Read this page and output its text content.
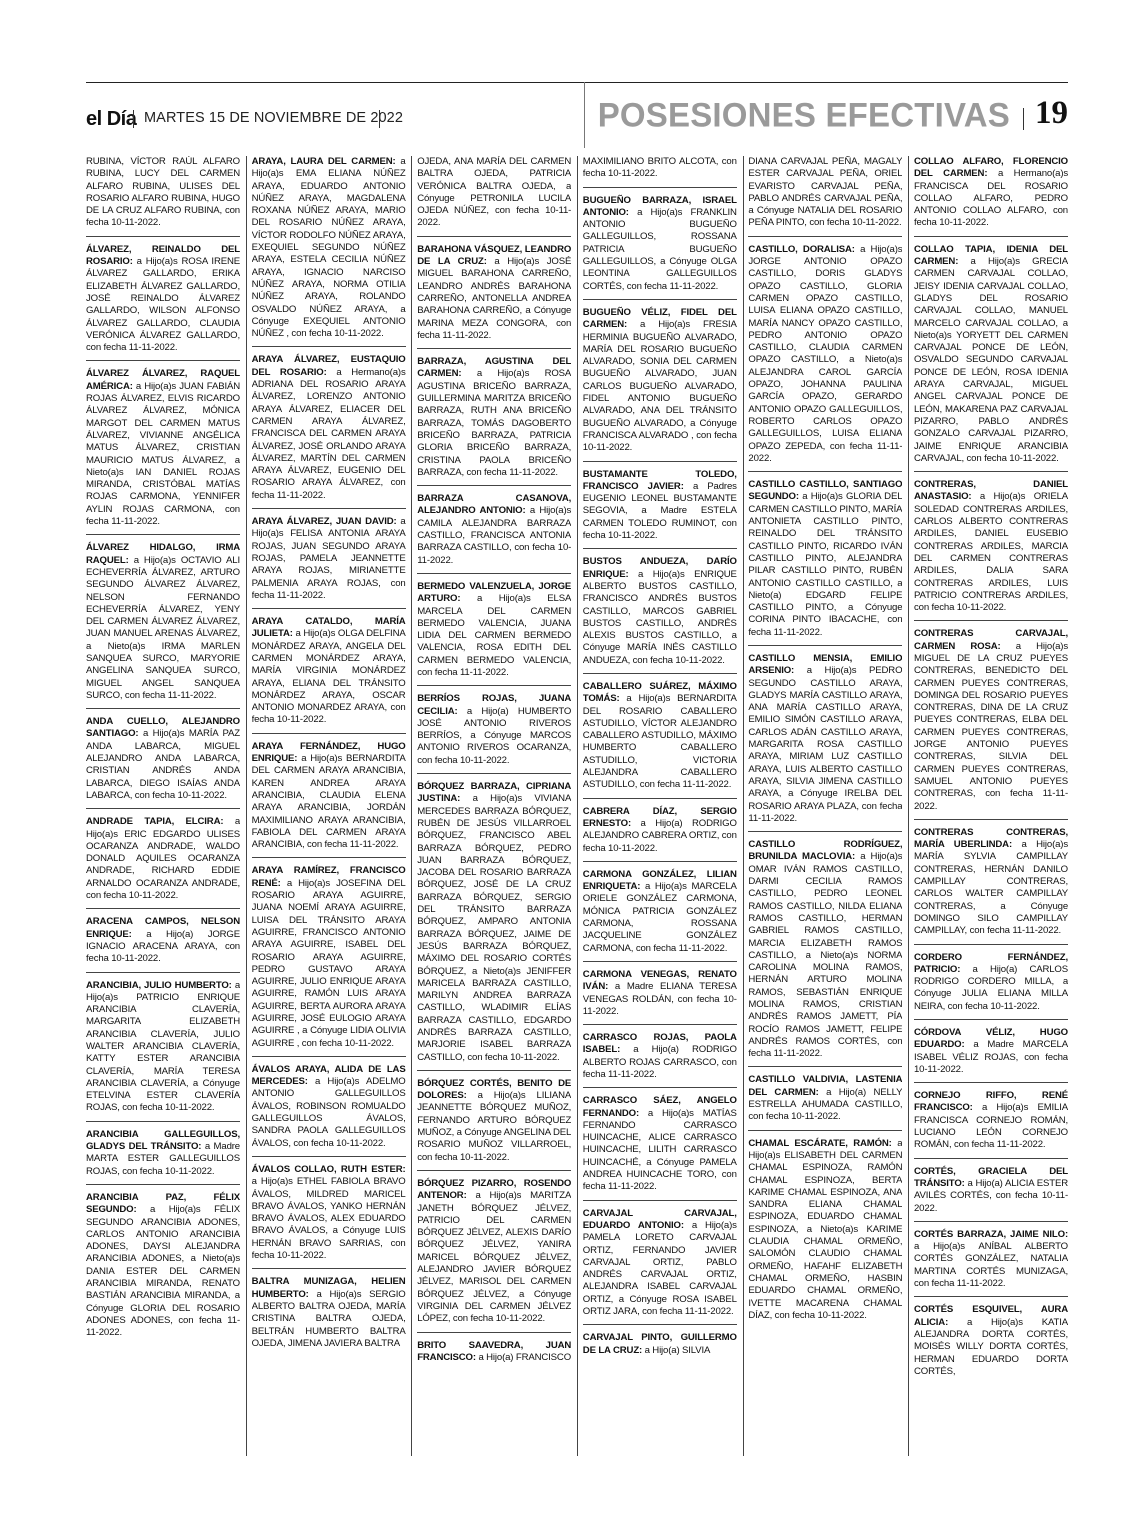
el Día MARTES 15 DE NOVIEMBRE DE 2022	POSESIONES EFECTIVAS 19
RUBINA, VÍCTOR RAÚL ALFARO RUBINA, LUCY DEL CARMEN ALFARO RUBINA, ULISES DEL ROSARIO ALFARO RUBINA, HUGO DE LA CRUZ ALFARO RUBINA, con fecha 10-11-2022.
ÁLVAREZ, REINALDO DEL ROSARIO: a Hijo(a)s ROSA IRENE ÁLVAREZ GALLARDO, ERIKA ELIZABETH ÁLVAREZ GALLARDO, JOSÉ REINALDO ÁLVAREZ GALLARDO, WILSON ALFONSO ÁLVAREZ GALLARDO, CLAUDIA VERÓNICA ÁLVAREZ GALLARDO, con fecha 11-11-2022.
ÁLVAREZ ÁLVAREZ, RAQUEL AMÉRICA: a Hijo(a)s JUAN FABIÁN ROJAS ÁLVAREZ, ELVIS RICARDO ÁLVAREZ ÁLVAREZ, MÓNICA MARGOT DEL CARMEN MATUS ÁLVAREZ, VIVIANNE ANGÉLICA MATUS ÁLVAREZ, CRISTIAN MAURICIO MATUS ÁLVAREZ, a Nieto(a)s IAN DANIEL ROJAS MIRANDA, CRISTÓBAL MATÍAS ROJAS CARMONA, YENNIFER AYLIN ROJAS CARMONA, con fecha 11-11-2022.
ÁLVAREZ HIDALGO, IRMA RAQUEL: a Hijo(a)s OCTAVIO ALI ECHEVERRÍA ÁLVAREZ, ARTURO SEGUNDO ÁLVAREZ ÁLVAREZ, NELSON FERNANDO ECHEVERRÍA ÁLVAREZ, YENY DEL CARMEN ÁLVAREZ ÁLVAREZ, JUAN MANUEL ARENAS ÁLVAREZ, a Nieto(a)s IRMA MARLEN SANQUEA SURCO, MARYORIE ANGELINA SANQUEA SURCO, MIGUEL ANGEL SANQUEA SURCO, con fecha 11-11-2022.
ANDA CUELLO, ALEJANDRO SANTIAGO: a Hijo(a)s MARÍA PAZ ANDA LABARCA, MIGUEL ALEJANDRO ANDA LABARCA, CRISTIAN ANDRÉS ANDA LABARCA, DIEGO ISAÍAS ANDA LABARCA, con fecha 10-11-2022.
ANDRADE TAPIA, ELCIRA: a Hijo(a)s ERIC EDGARDO ULISES OCARANZA ANDRADE, WALDO DONALD AQUILES OCARANZA ANDRADE, RICHARD EDDIE ARNALDO OCARANZA ANDRADE, con fecha 10-11-2022.
ARACENA CAMPOS, NELSON ENRIQUE: a Hijo(a) JORGE IGNACIO ARACENA ARAYA, con fecha 10-11-2022.
ARANCIBIA, JULIO HUMBERTO: a Hijo(a)s PATRICIO ENRIQUE ARANCIBIA CLAVERÍA, MARGARITA ELIZABETH ARANCIBIA CLAVERÍA, JULIO WALTER ARANCIBIA CLAVERÍA, KATTY ESTER ARANCIBIA CLAVERÍA, MARÍA TERESA ARANCIBIA CLAVERÍA, a Cónyuge ETELVINA ESTER CLAVERÍA ROJAS, con fecha 10-11-2022.
ARANCIBIA GALLEGUILLOS, GLADYS DEL TRÁNSITO: a Madre MARTA ESTER GALLEGUILLOS ROJAS, con fecha 10-11-2022.
ARANCIBIA PAZ, FÉLIX SEGUNDO: a Hijo(a)s FÉLIX SEGUNDO ARANCIBIA ADONES, CARLOS ANTONIO ARANCIBIA ADONES, DAYSI ALEJANDRA ARANCIBIA ADONES, a Nieto(a)s DANIA ESTER DEL CARMEN ARANCIBIA MIRANDA, RENATO BASTIÁN ARANCIBIA MIRANDA, a Cónyuge GLORIA DEL ROSARIO ADONES ADONES, con fecha 11-11-2022.
ARAYA, LAURA DEL CARMEN: a Hijo(a)s EMA ELIANA NÚÑEZ ARAYA, EDUARDO ANTONIO NÚÑEZ ARAYA, MAGDALENA ROXANA NÚÑEZ ARAYA, MARIO DEL ROSARIO NÚÑEZ ARAYA, VÍCTOR RODOLFO NÚÑEZ ARAYA, EXEQUIEL SEGUNDO NÚÑEZ ARAYA, ESTELA CECILIA NÚÑEZ ARAYA, IGNACIO NARCISO NÚÑEZ ARAYA, NORMA OTILIA NÚÑEZ ARAYA, ROLANDO OSVALDO NÚÑEZ ARAYA, a Cónyuge EXEQUIEL ANTONIO NÚÑEZ , con fecha 10-11-2022.
ARAYA ÁLVAREZ, EUSTAQUIO DEL ROSARIO: a Hermano(a)s ADRIANA DEL ROSARIO ARAYA ÁLVAREZ, LORENZO ANTONIO ARAYA ÁLVAREZ, ELIACER DEL CARMEN ARAYA ÁLVAREZ, FRANCISCA DEL CARMEN ARAYA ÁLVAREZ, JOSÉ ORLANDO ARAYA ÁLVAREZ, MARTÍN DEL CARMEN ARAYA ÁLVAREZ, EUGENIO DEL ROSARIO ARAYA ÁLVAREZ, con fecha 11-11-2022.
ARAYA ÁLVAREZ, JUAN DAVID: a Hijo(a)s FELISA ANTONIA ARAYA ROJAS, JUAN SEGUNDO ARAYA ROJAS, PAMELA JEANNETTE ARAYA ROJAS, MIRIANETTE PALMENIA ARAYA ROJAS, con fecha 11-11-2022.
ARAYA CATALDO, MARÍA JULIETA: a Hijo(a)s OLGA DELFINA MONÁRDEZ ARAYA, ANGELA DEL CARMEN MONÁRDEZ ARAYA, MARÍA VIRGINIA MONÁRDEZ ARAYA, ELIANA DEL TRÁNSITO MONÁRDEZ ARAYA, OSCAR ANTONIO MONARDEZ ARAYA, con fecha 10-11-2022.
ARAYA FERNÁNDEZ, HUGO ENRIQUE: a Hijo(a)s BERNARDITA DEL CARMEN ARAYA ARANCIBIA, KAREN ANDREA ARAYA ARANCIBIA, CLAUDIA ELENA ARAYA ARANCIBIA, JORDÁN MAXIMILIANO ARAYA ARANCIBIA, FABIOLA DEL CARMEN ARAYA ARANCIBIA, con fecha 11-11-2022.
ARAYA RAMÍREZ, FRANCISCO RENÉ: a Hijo(a)s JOSEFINA DEL ROSARIO ARAYA AGUIRRE, JUANA NOEMÍ ARAYA AGUIRRE, LUISA DEL TRÁNSITO ARAYA AGUIRRE, FRANCISCO ANTONIO ARAYA AGUIRRE, ISABEL DEL ROSARIO ARAYA AGUIRRE, PEDRO GUSTAVO ARAYA AGUIRRE, JULIO ENRIQUE ARAYA AGUIRRE, RAMÓN LUIS ARAYA AGUIRRE, BERTA AURORA ARAYA AGUIRRE, JOSÉ EULOGIO ARAYA AGUIRRE , a Cónyuge LIDIA OLIVIA AGUIRRE , con fecha 10-11-2022.
ÁVALOS ARAYA, ALIDA DE LAS MERCEDES: a Hijo(a)s ADELMO ANTONIO GALLEGUILLOS ÁVALOS, ROBINSON ROMUALDO GALLEGUILLOS ÁVALOS, SANDRA PAOLA GALLEGUILLOS ÁVALOS, con fecha 10-11-2022.
ÁVALOS COLLAO, RUTH ESTER: a Hijo(a)s ETHEL FABIOLA BRAVO ÁVALOS, MILDRED MARICEL BRAVO ÁVALOS, YANKO HERNÁN BRAVO ÁVALOS, ALEX EDUARDO BRAVO ÁVALOS, a Cónyuge LUIS HERNÁN BRAVO SARRIAS, con fecha 10-11-2022.
BALTRA MUNIZAGA, HELIEN HUMBERTO: a Hijo(a)s SERGIO ALBERTO BALTRA OJEDA, MARÍA CRISTINA BALTRA OJEDA, BELTRÁN HUMBERTO BALTRA OJEDA, JIMENA JAVIERA BALTRA
OJEDA, ANA MARÍA DEL CARMEN BALTRA OJEDA, PATRICIA VERÓNICA BALTRA OJEDA, a Cónyuge PETRONILA LUCILA OJEDA NÚÑEZ, con fecha 10-11-2022.
BARAHONA VÁSQUEZ, LEANDRO DE LA CRUZ: a Hijo(a)s JOSÉ MIGUEL BARAHONA CARREÑO, LEANDRO ANDRÉS BARAHONA CARREÑO, ANTONELLA ANDREA BARAHONA CARREÑO, a Cónyuge MARINA MEZA CONGORA, con fecha 11-11-2022.
BARRAZA, AGUSTINA DEL CARMEN: a Hijo(a)s ROSA AGUSTINA BRICEÑO BARRAZA, GUILLERMINA MARITZA BRICEÑO BARRAZA, RUTH ANA BRICEÑO BARRAZA, TOMÁS DAGOBERTO BRICEÑO BARRAZA, PATRICIA GLORIA BRICEÑO BARRAZA, CRISTINA PAOLA BRICEÑO BARRAZA, con fecha 11-11-2022.
BARRAZA CASANOVA, ALEJANDRO ANTONIO: a Hijo(a)s CAMILA ALEJANDRA BARRAZA CASTILLO, FRANCISCA ANTONIA BARRAZA CASTILLO, con fecha 10-11-2022.
BERMEDO VALENZUELA, JORGE ARTURO: a Hijo(a)s ELSA MARCELA DEL CARMEN BERMEDO VALENCIA, JUANA LIDIA DEL CARMEN BERMEDO VALENCIA, ROSA EDITH DEL CARMEN BERMEDO VALENCIA, con fecha 11-11-2022.
BERRÍOS ROJAS, JUANA CECILIA: a Hijo(a) HUMBERTO JOSÉ ANTONIO RIVEROS BERRÍOS, a Cónyuge MARCOS ANTONIO RIVEROS OCARANZA, con fecha 10-11-2022.
BÓRQUEZ BARRAZA, CIPRIANA JUSTINA: a Hijo(a)s VIVIANA MERCEDES BARRAZA BÓRQUEZ, RUBÉN DE JESÚS VILLARROEL BÓRQUEZ, FRANCISCO ABEL BARRAZA BÓRQUEZ, PEDRO JUAN BARRAZA BÓRQUEZ, JACOBA DEL ROSARIO BARRAZA BÓRQUEZ, JOSÉ DE LA CRUZ BARRAZA BÓRQUEZ, SERGIO DEL TRÁNSITO BARRAZA BÓRQUEZ, AMPARO ANTONIA BARRAZA BÓRQUEZ, JAIME DE JESÚS BARRAZA BÓRQUEZ, MÁXIMO DEL ROSARIO CORTÉS BÓRQUEZ, a Nieto(a)s JENIFFER MARICELA BARRAZA CASTILLO, MARILYN ANDREA BARRAZA CASTILLO, WLADIMIR ELÍAS BARRAZA CASTILLO, EDGARDO ANDRÉS BARRAZA CASTILLO, MARJORIE ISABEL BARRAZA CASTILLO, con fecha 10-11-2022.
BÓRQUEZ CORTÉS, BENITO DE DOLORES: a Hijo(a)s LILIANA JEANNETTE BÓRQUEZ MUÑOZ, FERNANDO ARTURO BÓRQUEZ MUÑOZ, a Cónyuge ANGELINA DEL ROSARIO MUÑOZ VILLARROEL, con fecha 10-11-2022.
BÓRQUEZ PIZARRO, ROSENDO ANTENOR: a Hijo(a)s MARITZA JANETH BÓRQUEZ JÉLVEZ, PATRICIO DEL CARMEN BÓRQUEZ JÉLVEZ, ALEXIS DARÍO BÓRQUEZ JÉLVEZ, YANIRA MARICEL BÓRQUEZ JÉLVEZ, ALEJANDRO JAVIER BÓRQUEZ JÉLVEZ, MARISOL DEL CARMEN BÓRQUEZ JÉLVEZ, a Cónyuge VIRGINIA DEL CARMEN JÉLVEZ LÓPEZ, con fecha 10-11-2022.
BRITO SAAVEDRA, JUAN FRANCISCO: a Hijo(a) FRANCISCO
MAXIMILIANO BRITO ALCOTA, con fecha 10-11-2022.
BUGUEÑO BARRAZA, ISRAEL ANTONIO: a Hijo(a)s FRANKLIN ANTONIO BUGUEÑO GALLEGUILLOS, ROSSANA PATRICIA BUGUEÑO GALLEGUILLOS, a Cónyuge OLGA LEONTINA GALLEGUILLOS CORTÉS, con fecha 11-11-2022.
BUGUEÑO VÉLIZ, FIDEL DEL CARMEN: a Hijo(a)s FRESIA HERMINIA BUGUEÑO ALVARADO, MARÍA DEL ROSARIO BUGUEÑO ALVARADO, SONIA DEL CARMEN BUGUEÑO ALVARADO, JUAN CARLOS BUGUEÑO ALVARADO, FIDEL ANTONIO BUGUEÑO ALVARADO, ANA DEL TRÁNSITO BUGUEÑO ALVARADO, a Cónyuge FRANCISCA ALVARADO , con fecha 10-11-2022.
BUSTAMANTE TOLEDO, FRANCISCO JAVIER: a Padres EUGENIO LEONEL BUSTAMANTE SEGOVIA, a Madre ESTELA CARMEN TOLEDO RUMINOT, con fecha 10-11-2022.
BUSTOS ANDUEZA, DARÍO ENRIQUE: a Hijo(a)s ENRIQUE ALBERTO BUSTOS CASTILLO, FRANCISCO ANDRÉS BUSTOS CASTILLO, MARCOS GABRIEL BUSTOS CASTILLO, ANDRÉS ALEXIS BUSTOS CASTILLO, a Cónyuge MARÍA INÉS CASTILLO ANDUEZA, con fecha 10-11-2022.
CABALLERO SUÁREZ, MÁXIMO TOMÁS: a Hijo(a)s BERNARDITA DEL ROSARIO CABALLERO ASTUDILLO, VÍCTOR ALEJANDRO CABALLERO ASTUDILLO, MÁXIMO HUMBERTO CABALLERO ASTUDILLO, VICTORIA ALEJANDRA CABALLERO ASTUDILLO, con fecha 11-11-2022.
CABRERA DÍAZ, SERGIO ERNESTO: a Hijo(a) RODRIGO ALEJANDRO CABRERA ORTIZ, con fecha 10-11-2022.
CARMONA GONZÁLEZ, LILIAN ENRIQUETA: a Hijo(a)s MARCELA ORIELE GONZÁLEZ CARMONA, MÓNICA PATRICIA GONZÁLEZ CARMONA, ROSSANA JACQUELINE GONZÁLEZ CARMONA, con fecha 11-11-2022.
CARMONA VENEGAS, RENATO IVÁN: a Madre ELIANA TERESA VENEGAS ROLDÁN, con fecha 10-11-2022.
CARRASCO ROJAS, PAOLA ISABEL: a Hijo(a) RODRIGO ALBERTO ROJAS CARRASCO, con fecha 11-11-2022.
CARRASCO SÁEZ, ANGELO FERNANDO: a Hijo(a)s MATÍAS FERNANDO CARRASCO HUINCACHE, ALICE CARRASCO HUINCACHE, LILITH CARRASCO HUINCACHÉ, a Cónyuge PAMELA ANDREA HUINCACHE TORO, con fecha 11-11-2022.
CARVAJAL CARVAJAL, EDUARDO ANTONIO: a Hijo(a)s PAMELA LORETO CARVAJAL ORTIZ, FERNANDO JAVIER CARVAJAL ORTIZ, PABLO ANDRÉS CARVAJAL ORTIZ, ALEJANDRA ISABEL CARVAJAL ORTIZ, a Cónyuge ROSA ISABEL ORTIZ JARA, con fecha 11-11-2022.
CARVAJAL PINTO, GUILLERMO DE LA CRUZ: a Hijo(a) SILVIA
DIANA CARVAJAL PEÑA, MAGALY ESTER CARVAJAL PEÑA, ORIEL EVARISTO CARVAJAL PEÑA, PABLO ANDRÉS CARVAJAL PEÑA, a Cónyuge NATALIA DEL ROSARIO PEÑA PINTO, con fecha 10-11-2022.
CASTILLO, DORALISA: a Hijo(a)s JORGE ANTONIO OPAZO CASTILLO, DORIS GLADYS OPAZO CASTILLO, GLORIA CARMEN OPAZO CASTILLO, LUISA ELIANA OPAZO CASTILLO, MARÍA NANCY OPAZO CASTILLO, PEDRO ANTONIO OPAZO CASTILLO, CLAUDIA CARMEN OPAZO CASTILLO, a Nieto(a)s ALEJANDRA CAROL GARCÍA OPAZO, JOHANNA PAULINA GARCÍA OPAZO, GERARDO ANTONIO OPAZO GALLEGUILLOS, ROBERTO CARLOS OPAZO GALLEGUILLOS, LUISA ELIANA OPAZO ZEPEDA, con fecha 11-11-2022.
CASTILLO CASTILLO, SANTIAGO SEGUNDO: a Hijo(a)s GLORIA DEL CARMEN CASTILLO PINTO, MARÍA ANTONIETA CASTILLO PINTO, REINALDO DEL TRÁNSITO CASTILLO PINTO, RICARDO IVÁN CASTILLO PINTO, ALEJANDRA PILAR CASTILLO PINTO, RUBÉN ANTONIO CASTILLO CASTILLO, a Nieto(a) EDGARD FELIPE CASTILLO PINTO, a Cónyuge CORINA PINTO IBACACHE, con fecha 11-11-2022.
CASTILLO MENSIA, EMILIO ARSENIO: a Hijo(a)s PEDRO SEGUNDO CASTILLO ARAYA, GLADYS MARÍA CASTILLO ARAYA, ANA MARÍA CASTILLO ARAYA, EMILIO SIMÓN CASTILLO ARAYA, CARLOS ADÁN CASTILLO ARAYA, MARGARITA ROSA CASTILLO ARAYA, MIRIAM LUZ CASTILLO ARAYA, LUIS ALBERTO CASTILLO ARAYA, SILVIA JIMENA CASTILLO ARAYA, a Cónyuge IRELBA DEL ROSARIO ARAYA PLAZA, con fecha 11-11-2022.
CASTILLO RODRÍGUEZ, BRUNILDA MACLOVIA: a Hijo(a)s OMAR IVÁN RAMOS CASTILLO, DARMI CECILIA RAMOS CASTILLO, PEDRO LEONEL RAMOS CASTILLO, NILDA ELIANA RAMOS CASTILLO, HERMAN GABRIEL RAMOS CASTILLO, MARCIA ELIZABETH RAMOS CASTILLO, a Nieto(a)s NORMA CAROLINA MOLINA RAMOS, HERNÁN ARTURO MOLINA RAMOS, SEBASTIÁN ENRIQUE MOLINA RAMOS, CRISTIAN ANDRÉS RAMOS JAMETT, PÍA ROCÍO RAMOS JAMETT, FELIPE ANDRÉS RAMOS CORTÉS, con fecha 11-11-2022.
CASTILLO VALDIVIA, LASTENIA DEL CARMEN: a Hijo(a) NELLY ESTRELLA AHUMADA CASTILLO, con fecha 10-11-2022.
CHAMAL ESCÁRATE, RAMÓN: a Hijo(a)s ELISABETH DEL CARMEN CHAMAL ESPINOZA, RAMÓN CHAMAL ESPINOZA, BERTA KARIME CHAMAL ESPINOZA, ANA SANDRA ELIANA CHAMAL ESPINOZA, EDUARDO CHAMAL ESPINOZA, a Nieto(a)s KARIME CLAUDIA CHAMAL ORMEÑO, SALOMÓN CLAUDIO CHAMAL ORMEÑO, HAFAHF ELIZABETH CHAMAL ORMEÑO, HASBIN EDUARDO CHAMAL ORMEÑO, IVETTE MACARENA CHAMAL DÍAZ, con fecha 10-11-2022.
COLLAO ALFARO, FLORENCIO DEL CARMEN: a Hermano(a)s FRANCISCA DEL ROSARIO COLLAO ALFARO, PEDRO ANTONIO COLLAO ALFARO, con fecha 10-11-2022.
COLLAO TAPIA, IDENIA DEL CARMEN: a Hijo(a)s GRECIA CARMEN CARVAJAL COLLAO, JEISY IDENIA CARVAJAL COLLAO, GLADYS DEL ROSARIO CARVAJAL COLLAO, MANUEL MARCELO CARVAJAL COLLAO, a Nieto(a)s YORYETT DEL CARMEN CARVAJAL PONCE DE LEÓN, OSVALDO SEGUNDO CARVAJAL PONCE DE LEÓN, ROSA IDENIA ARAYA CARVAJAL, MIGUEL ANGEL CARVAJAL PONCE DE LEÓN, MAKARENA PAZ CARVAJAL PIZARRO, PABLO ANDRÉS GONZALO CARVAJAL PIZARRO, JAIME ENRIQUE ARANCIBIA CARVAJAL, con fecha 10-11-2022.
CONTRERAS, DANIEL ANASTASIO: a Hijo(a)s ORIELA SOLEDAD CONTRERAS ARDILES, CARLOS ALBERTO CONTRERAS ARDILES, DANIEL EUSEBIO CONTRERAS ARDILES, MARCIA DEL CARMEN CONTRERAS ARDILES, DALIA SARA CONTRERAS ARDILES, LUIS PATRICIO CONTRERAS ARDILES, con fecha 10-11-2022.
CONTRERAS CARVAJAL, CARMEN ROSA: a Hijo(a)s MIGUEL DE LA CRUZ PUEYES CONTRERAS, BENEDICTO DEL CARMEN PUEYES CONTRERAS, DOMINGA DEL ROSARIO PUEYES CONTRERAS, DINA DE LA CRUZ PUEYES CONTRERAS, ELBA DEL CARMEN PUEYES CONTRERAS, JORGE ANTONIO PUEYES CONTRERAS, SILVIA DEL CARMEN PUEYES CONTRERAS, SAMUEL ANTONIO PUEYES CONTRERAS, con fecha 11-11-2022.
CONTRERAS CONTRERAS, MARÍA UBERLINDA: a Hijo(a)s MARÍA SYLVIA CAMPILLAY CONTRERAS, HERNÁN DANILO CAMPILLAY CONTRERAS, CARLOS WALTER CAMPILLAY CONTRERAS, a Cónyuge DOMINGO SILO CAMPILLAY CAMPILLAY, con fecha 11-11-2022.
CORDERO FERNÁNDEZ, PATRICIO: a Hijo(a) CARLOS RODRIGO CORDERO MILLA, a Cónyuge JULIA ELIANA MILLA NEIRA, con fecha 10-11-2022.
CÓRDOVA VÉLIZ, HUGO EDUARDO: a Madre MARCELA ISABEL VÉLIZ ROJAS, con fecha 10-11-2022.
CORNEJO RIFFO, RENÉ FRANCISCO: a Hijo(a)s EMILIA FRANCISCA CORNEJO ROMÁN, LUCIANO LEÓN CORNEJO ROMÁN, con fecha 11-11-2022.
CORTÉS, GRACIELA DEL TRÁNSITO: a Hijo(a) ALICIA ESTER AVILÉS CORTÉS, con fecha 10-11-2022.
CORTÉS BARRAZA, JAIME NILO: a Hijo(a)s ANÍBAL ALBERTO CORTÉS GONZÁLEZ, NATALIA MARTINA CORTÉS MUNIZAGA, con fecha 11-11-2022.
CORTÉS ESQUIVEL, AURA ALICIA: a Hijo(a)s KATIA ALEJANDRA DORTA CORTÉS, MOISÉS WILLY DORTA CORTÉS, HERMAN EDUARDO DORTA CORTÉS,
